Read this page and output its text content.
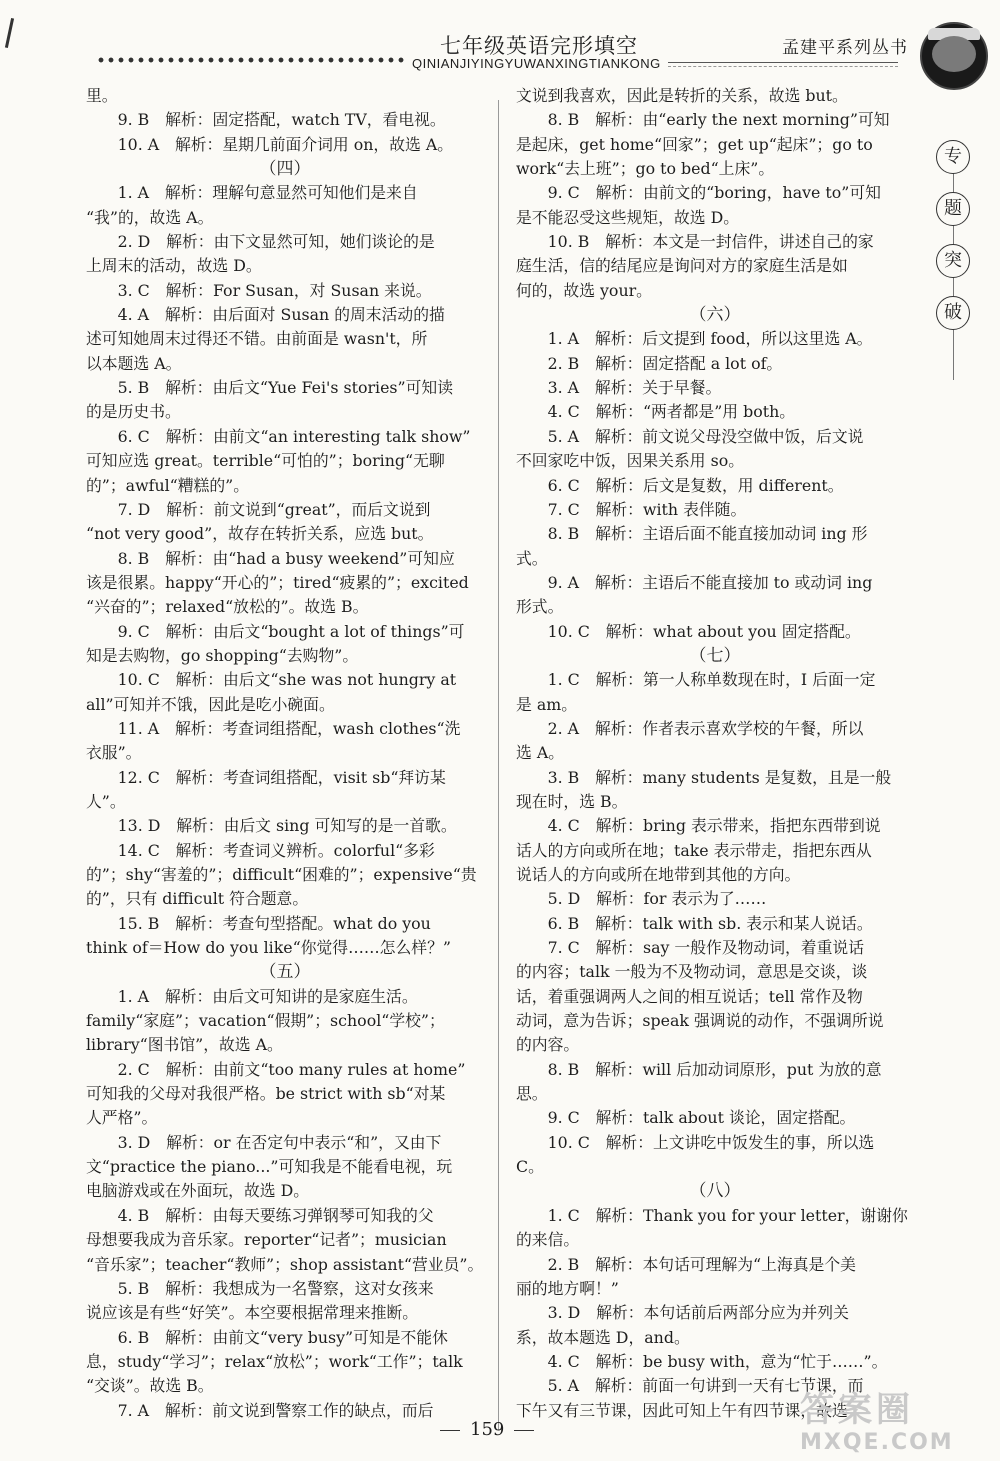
七年级英语完形填空	孟建平系列丛书
QINIANJIYINGYUWANXINGTIANKONG
专
题
突
破
里。
　　9. B　解析：固定搭配，watch TV，看电视。
　　10. A　解析：星期几前面介词用 on，故选 A。
（四）
　　1. A　解析：理解句意显然可知他们是来自
“我”的，故选 A。
　　2. D　解析：由下文显然可知，她们谈论的是
上周末的活动，故选 D。
　　3. C　解析：For Susan，对 Susan 来说。
　　4. A　解析：由后面对 Susan 的周末活动的描
述可知她周末过得还不错。由前面是 wasn't，所
以本题选 A。
　　5. B　解析：由后文“Yue Fei's stories”可知读
的是历史书。
　　6. C　解析：由前文“an interesting talk show”
可知应选 great。terrible“可怕的”；boring“无聊
的”；awful“糟糕的”。
　　7. D　解析：前文说到“great”，而后文说到
“not very good”，故存在转折关系，应选 but。
　　8. B　解析：由“had a busy weekend”可知应
该是很累。happy“开心的”；tired“疲累的”；excited
“兴奋的”；relaxed“放松的”。故选 B。
　　9. C　解析：由后文“bought a lot of things”可
知是去购物，go shopping“去购物”。
　　10. C　解析：由后文“she was not hungry at
all”可知并不饿，因此是吃小碗面。
　　11. A　解析：考查词组搭配，wash clothes“洗
衣服”。
　　12. C　解析：考查词组搭配，visit sb“拜访某
人”。
　　13. D　解析：由后文 sing 可知写的是一首歌。
　　14. C　解析：考查词义辨析。colorful“多彩
的”；shy“害羞的”；difficult“困难的”；expensive“贵
的”，只有 difficult 符合题意。
　　15. B　解析：考查句型搭配。what do you
think of＝How do you like“你觉得……怎么样？”
（五）
　　1. A　解析：由后文可知讲的是家庭生活。
family“家庭”；vacation“假期”；school“学校”；
library“图书馆”，故选 A。
　　2. C　解析：由前文“too many rules at home”
可知我的父母对我很严格。be strict with sb“对某
人严格”。
　　3. D　解析：or 在否定句中表示“和”，又由下
文“practice the piano...”可知我是不能看电视，玩
电脑游戏或在外面玩，故选 D。
　　4. B　解析：由每天要练习弹钢琴可知我的父
母想要我成为音乐家。reporter“记者”；musician
“音乐家”；teacher“教师”；shop assistant“营业员”。
　　5. B　解析：我想成为一名警察，这对女孩来
说应该是有些“好笑”。本空要根据常理来推断。
　　6. B　解析：由前文“very busy”可知是不能休
息，study“学习”；relax“放松”；work“工作”；talk
“交谈”。故选 B。
　　7. A　解析：前文说到警察工作的缺点，而后
文说到我喜欢，因此是转折的关系，故选 but。
　　8. B　解析：由“early the next morning”可知
是起床，get home“回家”；get up“起床”；go to
work“去上班”；go to bed“上床”。
　　9. C　解析：由前文的“boring，have to”可知
是不能忍受这些规矩，故选 D。
　　10. B　解析：本文是一封信件，讲述自己的家
庭生活，信的结尾应是询问对方的家庭生活是如
何的，故选 your。
（六）
　　1. A　解析：后文提到 food，所以这里选 A。
　　2. B　解析：固定搭配 a lot of。
　　3. A　解析：关于早餐。
　　4. C　解析：“两者都是”用 both。
　　5. A　解析：前文说父母没空做中饭，后文说
不回家吃中饭，因果关系用 so。
　　6. C　解析：后文是复数，用 different。
　　7. C　解析：with 表伴随。
　　8. B　解析：主语后面不能直接加动词 ing 形
式。
　　9. A　解析：主语后不能直接加 to 或动词 ing
形式。
　　10. C　解析：what about you 固定搭配。
（七）
　　1. C　解析：第一人称单数现在时，I 后面一定
是 am。
　　2. A　解析：作者表示喜欢学校的午餐，所以
选 A。
　　3. B　解析：many students 是复数，且是一般
现在时，选 B。
　　4. C　解析：bring 表示带来，指把东西带到说
话人的方向或所在地；take 表示带走，指把东西从
说话人的方向或所在地带到其他的方向。
　　5. D　解析：for 表示为了……
　　6. B　解析：talk with sb. 表示和某人说话。
　　7. C　解析：say 一般作及物动词，着重说话
的内容；talk 一般为不及物动词，意思是交谈，谈
话，着重强调两人之间的相互说话；tell 常作及物
动词，意为告诉；speak 强调说的动作，不强调所说
的内容。
　　8. B　解析：will 后加动词原形，put 为放的意
思。
　　9. C　解析：talk about 谈论，固定搭配。
　　10. C　解析：上文讲吃中饭发生的事，所以选
C。
（八）
　　1. C　解析：Thank you for your letter，谢谢你
的来信。
　　2. B　解析：本句话可理解为“上海真是个美
丽的地方啊！”
　　3. D　解析：本句话前后两部分应为并列关
系，故本题选 D，and。
　　4. C　解析：be busy with，意为“忙于……”。
　　5. A　解析：前面一句讲到一天有七节课，而
下午又有三节课，因此可知上午有四节课，故选
159	答案圈
MXQE.COM
